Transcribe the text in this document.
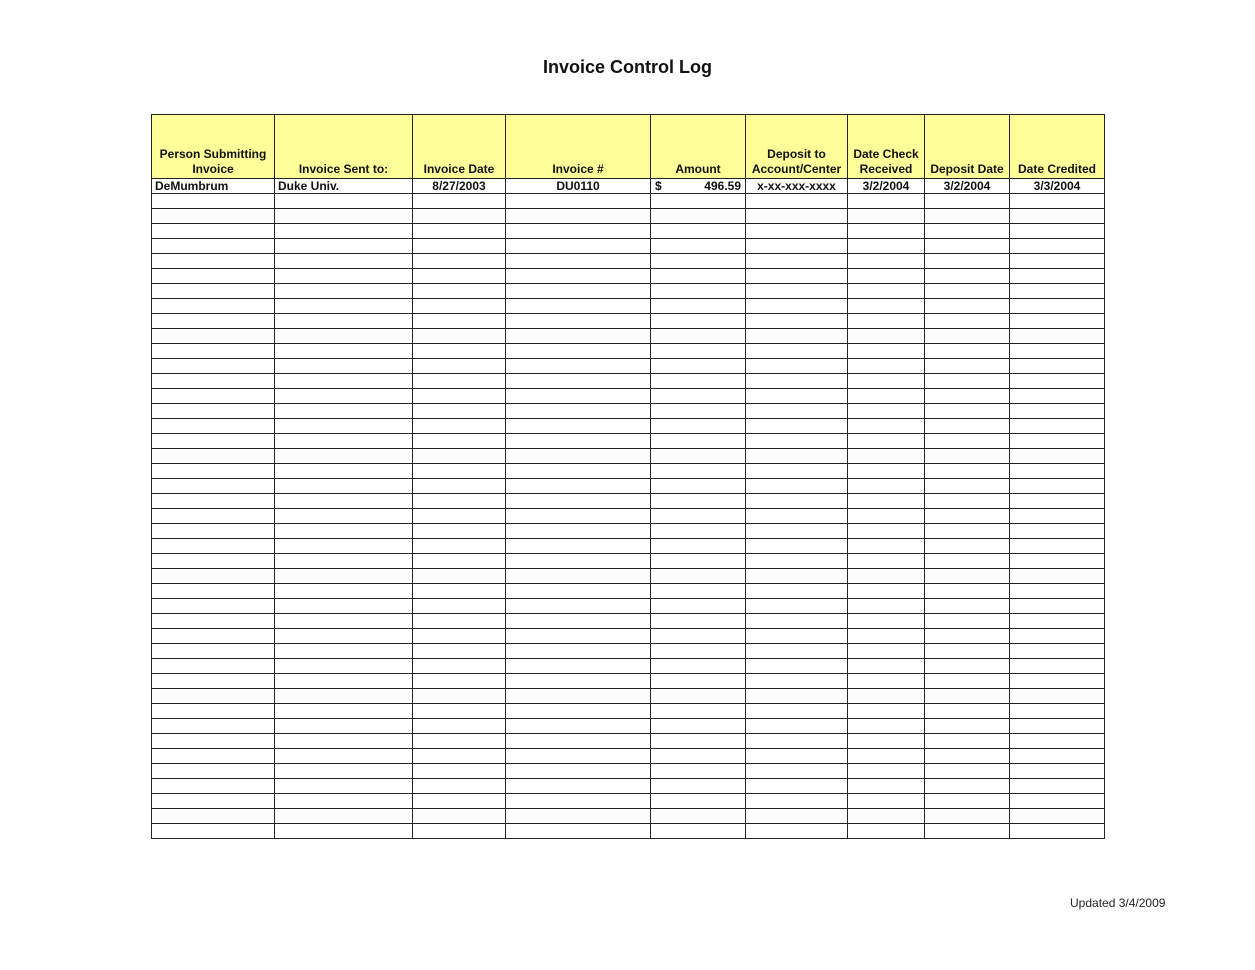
Invoice Control Log
Person Submitting Invoice	Invoice Sent to:	Invoice Date	Invoice #	Amount	Deposit to Account/Center	Date Check Received	Deposit Date	Date Credited
DeMumbrum	Duke Univ.	8/27/2003	DU0110	$ 496.59	x-xx-xxx-xxxx	3/2/2004	3/2/2004	3/3/2004

Updated 3/4/2009
